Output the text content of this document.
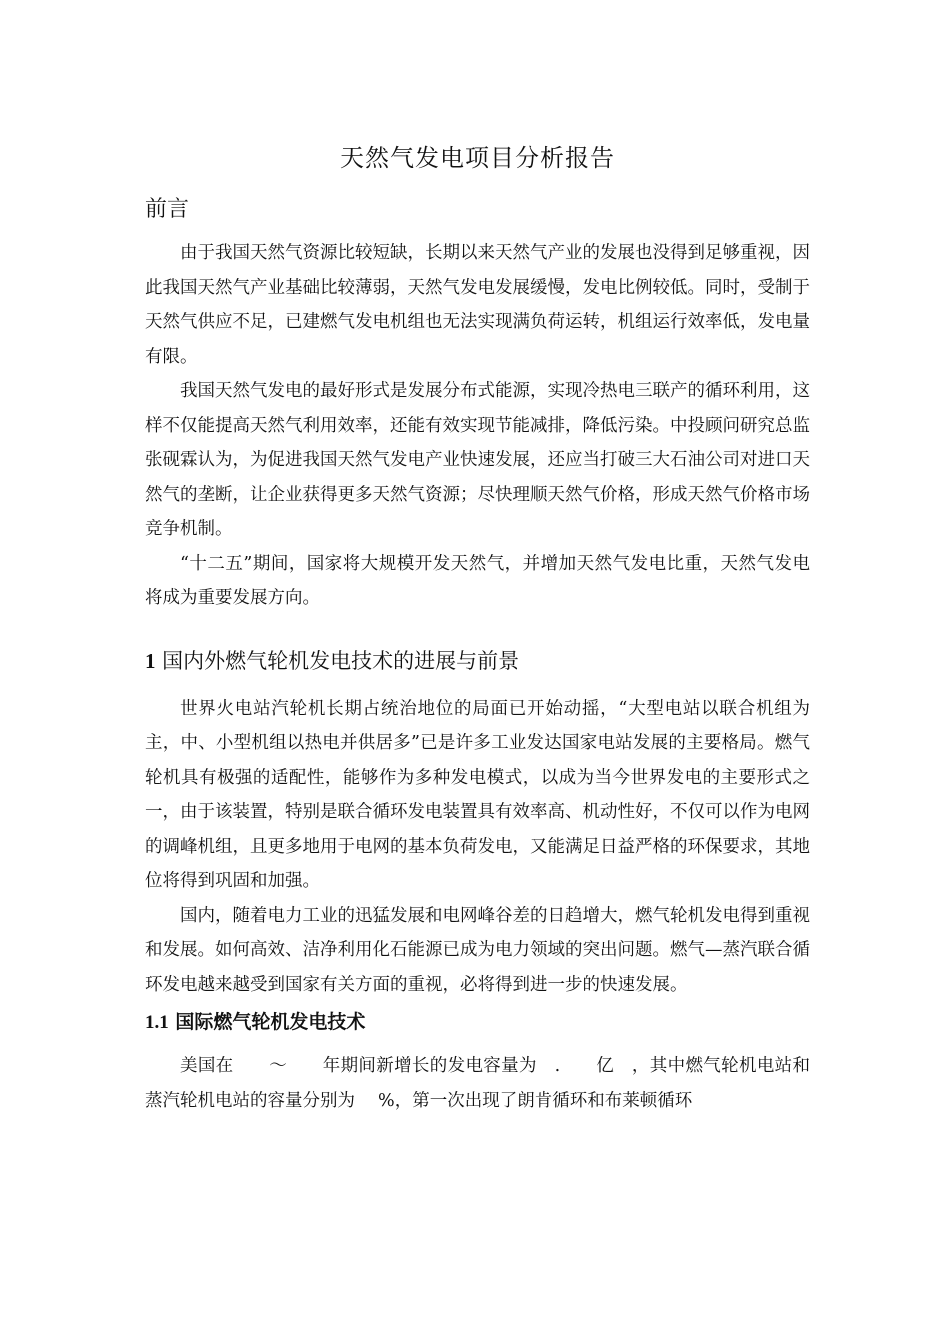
天然气发电项目分析报告
前言

由于我国天然气资源比较短缺，长期以来天然气产业的发展也没得到足够重视，因此我国天然气产业基础比较薄弱，天然气发电发展缓慢，发电比例较低。同时，受制于天然气供应不足，已建燃气发电机组也无法实现满负荷运转，机组运行效率低，发电量有限。

我国天然气发电的最好形式是发展分布式能源，实现冷热电三联产的循环利用，这样不仅能提高天然气利用效率，还能有效实现节能减排，降低污染。中投顾问研究总监张砚霖认为，为促进我国天然气发电产业快速发展，还应当打破三大石油公司对进口天然气的垄断，让企业获得更多天然气资源；尽快理顺天然气价格，形成天然气价格市场竞争机制。

“十二五”期间，国家将大规模开发天然气，并增加天然气发电比重，天然气发电将成为重要发展方向。

1 国内外燃气轮机发电技术的进展与前景

世界火电站汽轮机长期占统治地位的局面已开始动摇，“大型电站以联合机组为主，中、小型机组以热电并供居多”已是许多工业发达国家电站发展的主要格局。燃气轮机具有极强的适配性，能够作为多种发电模式，以成为当今世界发电的主要形式之一，由于该装置，特别是联合循环发电装置具有效率高、机动性好，不仅可以作为电网的调峰机组，且更多地用于电网的基本负荷发电，又能满足日益严格的环保要求，其地位将得到巩固和加强。

国内，随着电力工业的迅猛发展和电网峰谷差的日趋增大，燃气轮机发电得到重视和发展。如何高效、洁净利用化石能源已成为电力领域的突出问题。燃气—蒸汽联合循环发电越来越受到国家有关方面的重视，必将得到进一步的快速发展。

1.1 国际燃气轮机发电技术

美国在　　～　　年期间新增长的发电容量为　.　　亿　，其中燃气轮机电站和蒸汽轮机电站的容量分别为　 %，第一次出现了朗肯循环和布莱顿循环
